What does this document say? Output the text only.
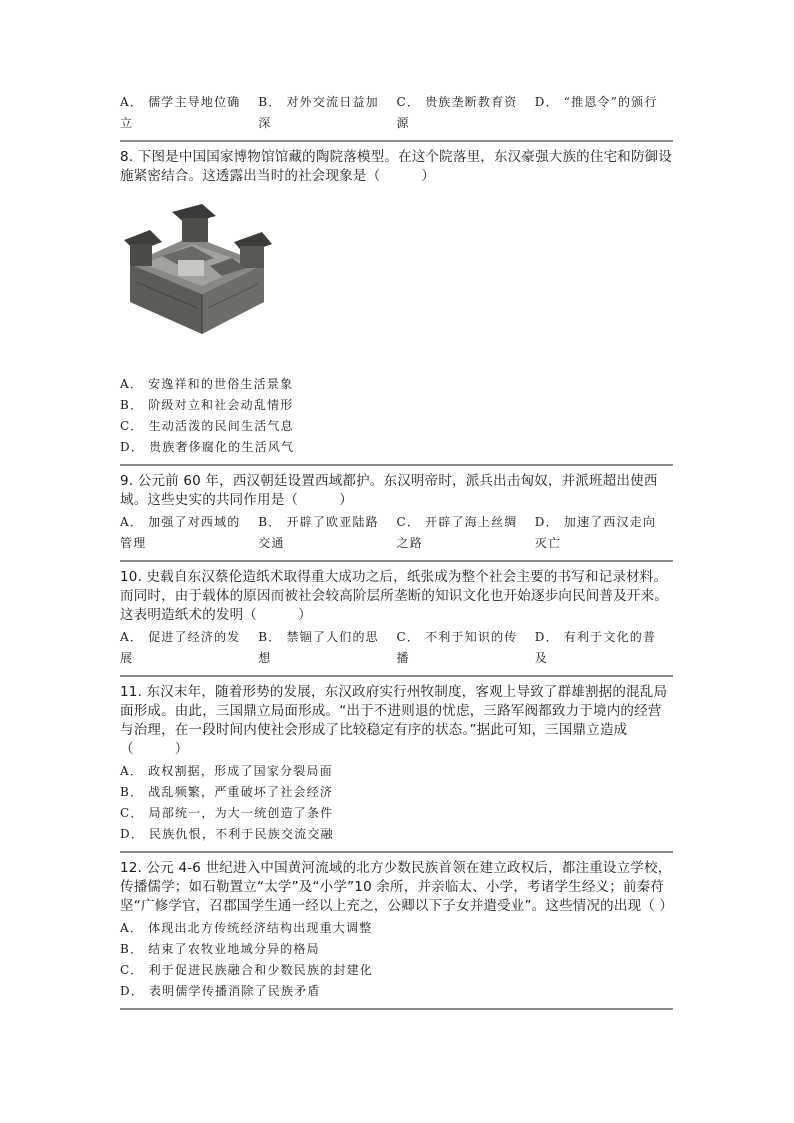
A． 儒学主导地位确立
B． 对外交流日益加深
C． 贵族垄断教育资源
D． “推恩令”的颁行

8. 下图是中国国家博物馆馆藏的陶院落模型。在这个院落里，东汉豪强大族的住宅和防御设施紧密结合。这透露出当时的社会现象是（　　　）

A． 安逸祥和的世俗生活景象
B． 阶级对立和社会动乱情形
C． 生动活泼的民间生活气息
D． 贵族奢侈腐化的生活风气

9. 公元前 60 年，西汉朝廷设置西域都护。东汉明帝时，派兵出击匈奴，并派班超出使西域。这些史实的共同作用是（　　　）

A． 加强了对西域的管理
B． 开辟了欧亚陆路交通
C． 开辟了海上丝绸之路
D． 加速了西汉走向灭亡

10. 史载自东汉蔡伦造纸术取得重大成功之后，纸张成为整个社会主要的书写和记录材料。而同时，由于载体的原因而被社会较高阶层所垄断的知识文化也开始逐步向民间普及开来。这表明造纸术的发明（　　　）

A． 促进了经济的发展
B． 禁锢了人们的思想
C． 不利于知识的传播
D． 有利于文化的普及

11. 东汉末年，随着形势的发展，东汉政府实行州牧制度，客观上导致了群雄割据的混乱局面形成。由此，三国鼎立局面形成。“出于不进则退的忧虑，三路军阀都致力于境内的经营与治理，在一段时间内使社会形成了比较稳定有序的状态。”据此可知，三国鼎立造成（　　　）

A． 政权割据，形成了国家分裂局面
B． 战乱频繁，严重破坏了社会经济
C． 局部统一，为大一统创造了条件
D． 民族仇恨，不利于民族交流交融

12. 公元 4-6 世纪进入中国黄河流域的北方少数民族首领在建立政权后，都注重设立学校，传播儒学；如石勒置立“太学”及“小学”10 余所，并亲临太、小学，考诸学生经义；前秦苻坚“广修学官，召郡国学生通一经以上充之，公卿以下子女并遣受业”。这些情况的出现（ ）

A． 体现出北方传统经济结构出现重大调整
B． 结束了农牧业地域分异的格局
C． 利于促进民族融合和少数民族的封建化
D． 表明儒学传播消除了民族矛盾
